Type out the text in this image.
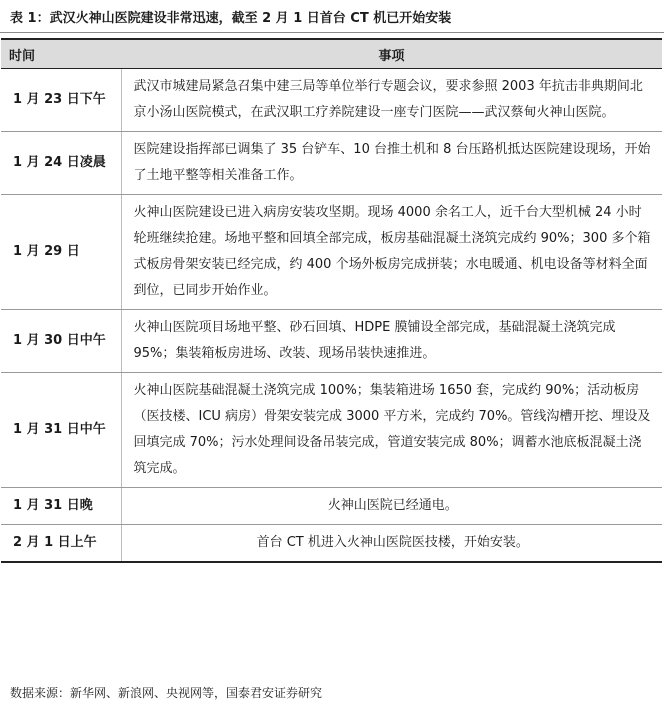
表 1：武汉火神山医院建设非常迅速，截至 2 月 1 日首台 CT 机已开始安装
时间	事项
1 月 23 日下午	武汉市城建局紧急召集中建三局等单位举行专题会议，要求参照 2003 年抗击非典期间北京小汤山医院模式，在武汉职工疗养院建设一座专门医院——武汉蔡甸火神山医院。
1 月 24 日凌晨	医院建设指挥部已调集了 35 台铲车、10 台推土机和 8 台压路机抵达医院建设现场，开始了土地平整等相关准备工作。
1 月 29 日	火神山医院建设已进入病房安装攻坚期。现场 4000 余名工人，近千台大型机械 24 小时轮班继续抢建。场地平整和回填全部完成，板房基础混凝土浇筑完成约 90%；300 多个箱式板房骨架安装已经完成，约 400 个场外板房完成拼装；水电暖通、机电设备等材料全面到位，已同步开始作业。
1 月 30 日中午	火神山医院项目场地平整、砂石回填、HDPE 膜铺设全部完成，基础混凝土浇筑完成 95%；集装箱板房进场、改装、现场吊装快速推进。
1 月 31 日中午	火神山医院基础混凝土浇筑完成 100%；集装箱进场 1650 套，完成约 90%；活动板房（医技楼、ICU 病房）骨架安装完成 3000 平方米，完成约 70%。管线沟槽开挖、埋设及回填完成 70%；污水处理间设备吊装完成，管道安装完成 80%；调蓄水池底板混凝土浇筑完成。
1 月 31 日晚	火神山医院已经通电。
2 月 1 日上午	首台 CT 机进入火神山医院医技楼，开始安装。
数据来源：新华网、新浪网、央视网等，国泰君安证券研究
